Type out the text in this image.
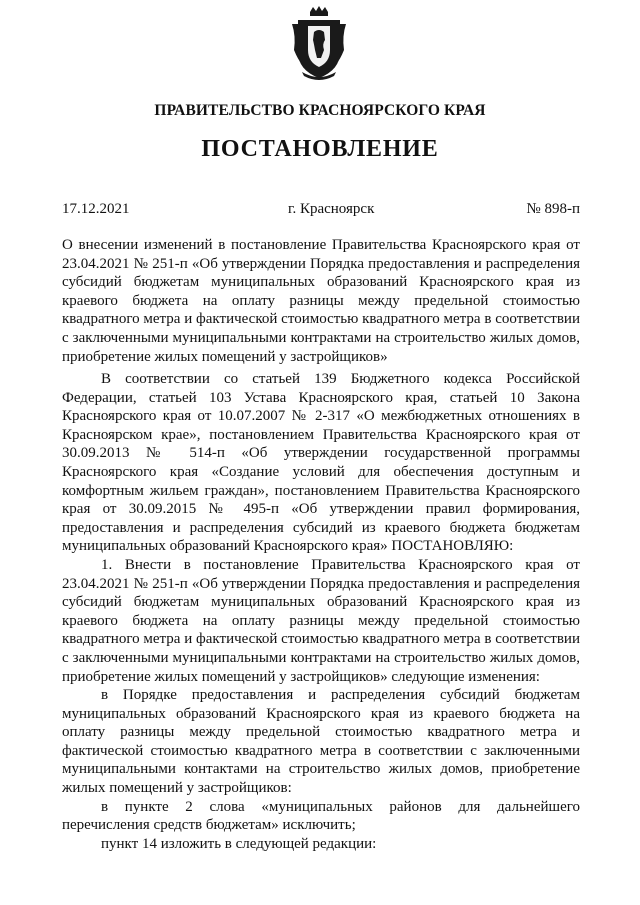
ПРАВИТЕЛЬСТВО КРАСНОЯРСКОГО КРАЯ
ПОСТАНОВЛЕНИЕ
17.12.2021	г. Красноярск	№ 898-п
О внесении изменений в постановление Правительства Красноярского края от 23.04.2021 № 251-п «Об утверждении Порядка предоставления и распределения субсидий бюджетам муниципальных образований Красноярского края из краевого бюджета на оплату разницы между предельной стоимостью квадратного метра и фактической стоимостью квадратного метра в соответствии с заключенными муниципальными контрактами на строительство жилых домов, приобретение жилых помещений у застройщиков»

В соответствии со статьей 139 Бюджетного кодекса Российской Федерации, статьей 103 Устава Красноярского края, статьей 10 Закона Красноярского края от 10.07.2007 № 2-317 «О межбюджетных отношениях в Красноярском крае», постановлением Правительства Красноярского края от 30.09.2013 № 514-п «Об утверждении государственной программы Красноярского края «Создание условий для обеспечения доступным и комфортным жильем граждан», постановлением Правительства Красноярского края от 30.09.2015 № 495-п «Об утверждении правил формирования, предоставления и распределения субсидий из краевого бюджета бюджетам муниципальных образований Красноярского края» ПОСТАНОВЛЯЮ:

1. Внести в постановление Правительства Красноярского края от 23.04.2021 № 251-п «Об утверждении Порядка предоставления и распределения субсидий бюджетам муниципальных образований Красноярского края из краевого бюджета на оплату разницы между предельной стоимостью квадратного метра и фактической стоимостью квадратного метра в соответствии с заключенными муниципальными контрактами на строительство жилых домов, приобретение жилых помещений у застройщиков» следующие изменения:

в Порядке предоставления и распределения субсидий бюджетам муниципальных образований Красноярского края из краевого бюджета на оплату разницы между предельной стоимостью квадратного метра и фактической стоимостью квадратного метра в соответствии с заключенными муниципальными контактами на строительство жилых домов, приобретение жилых помещений у застройщиков:

в пункте 2 слова «муниципальных районов для дальнейшего перечисления средств бюджетам» исключить;

пункт 14 изложить в следующей редакции:
